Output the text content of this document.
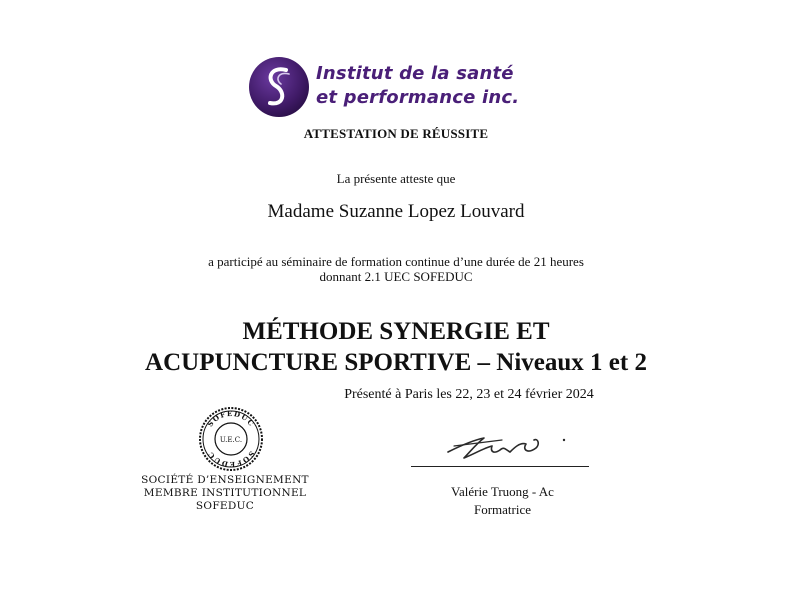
Institut de la santé
et performance inc.
ATTESTATION DE RÉUSSITE
La présente atteste que
Madame Suzanne Lopez Louvard
a participé au séminaire de formation continue d’une durée de 21 heures
donnant 2.1 UEC SOFEDUC
MÉTHODE SYNERGIE ET
ACUPUNCTURE SPORTIVE – Niveaux 1 et 2
Présenté à Paris les 22, 23 et 24 février 2024
SOFEDUC
SOFEDUC
U.E.C.
SOCIÉTÉ D’ENSEIGNEMENT
MEMBRE INSTITUTIONNEL
SOFEDUC
Valérie Truong - Ac
Formatrice
